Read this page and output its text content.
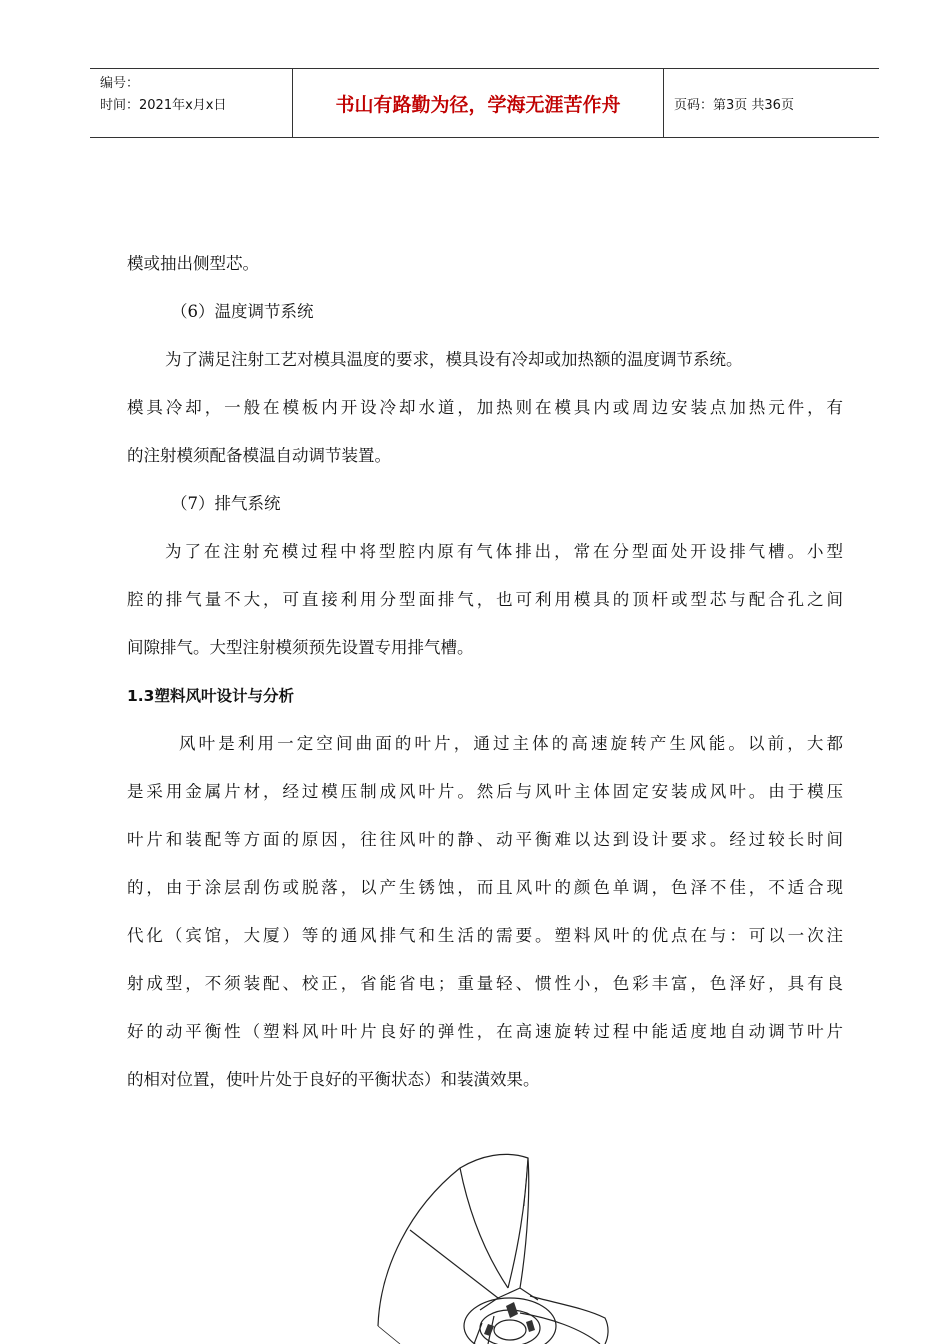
编号：
时间：2021年x月x日	书山有路勤为径，学海无涯苦作舟	页码：第3页 共36页
模或抽出侧型芯。
（6）温度调节系统
为了满足注射工艺对模具温度的要求，模具设有冷却或加热额的温度调节系统。
模具冷却，一般在模板内开设冷却水道，加热则在模具内或周边安装点加热元件，有
的注射模须配备模温自动调节装置。
（7）排气系统
为了在注射充模过程中将型腔内原有气体排出，常在分型面处开设排气槽。小型
腔的排气量不大，可直接利用分型面排气，也可利用模具的顶杆或型芯与配合孔之间
间隙排气。大型注射模须预先设置专用排气槽。
1.3塑料风叶设计与分析
风叶是利用一定空间曲面的叶片，通过主体的高速旋转产生风能。以前，大都
是采用金属片材，经过模压制成风叶片。然后与风叶主体固定安装成风叶。由于模压
叶片和装配等方面的原因，往往风叶的静、动平衡难以达到设计要求。经过较长时间
的，由于涂层刮伤或脱落，以产生锈蚀，而且风叶的颜色单调，色泽不佳，不适合现
代化（宾馆，大厦）等的通风排气和生活的需要。塑料风叶的优点在与：可以一次注
射成型，不须装配、校正，省能省电；重量轻、惯性小，色彩丰富，色泽好，具有良
好的动平衡性（塑料风叶叶片良好的弹性，在高速旋转过程中能适度地自动调节叶片
的相对位置，使叶片处于良好的平衡状态）和装潢效果。
